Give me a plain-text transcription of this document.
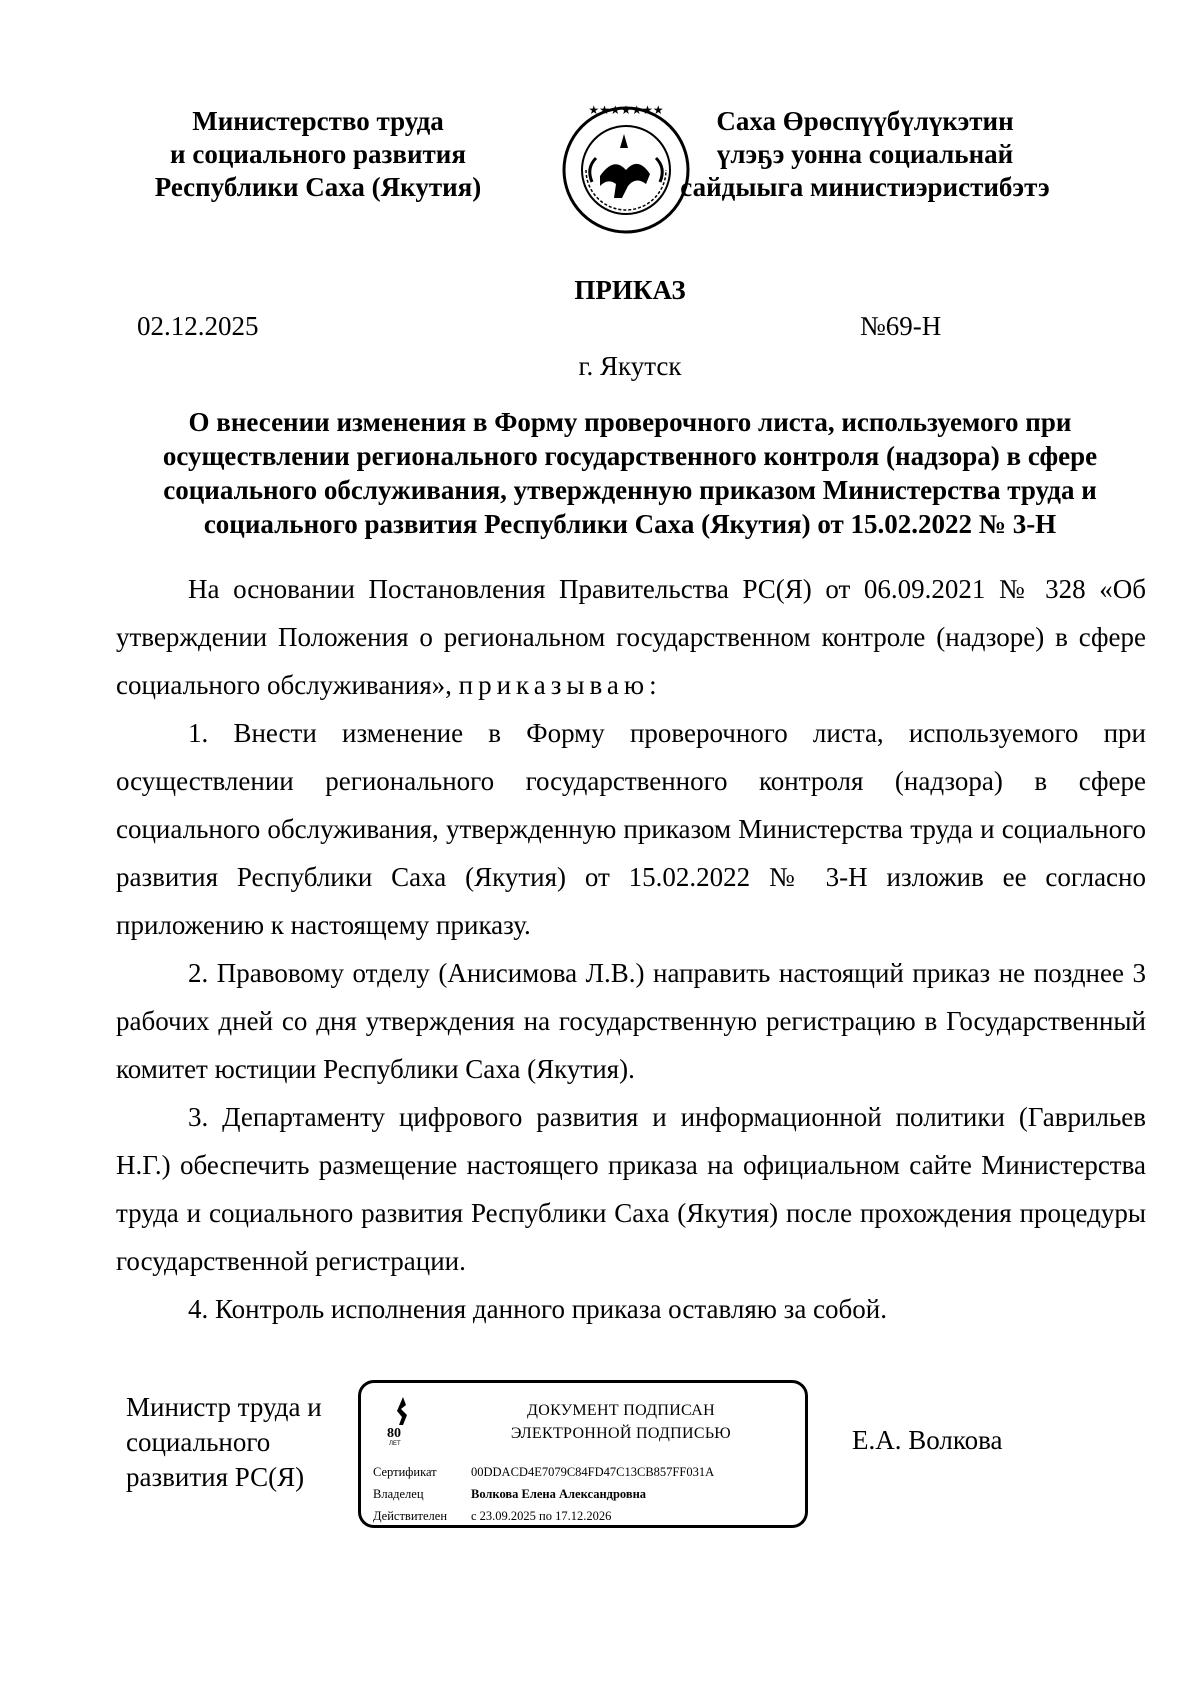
Министерство труда
и социального развития
Республики Саха (Якутия)
★★★★★★★	Саха Өрөспүүбүлүкэтин
үлэҕэ уонна социальнай
сайдыыга министиэристибэтэ
ПРИКАЗ
02.12.2025	№69-Н
г. Якутск
О внесении изменения в Форму проверочного листа, используемого при осуществлении регионального государственного контроля (надзора) в сфере социального обслуживания, утвержденную приказом Министерства труда и социального развития Республики Саха (Якутия) от 15.02.2022 № 3-Н

На основании Постановления Правительства РС(Я) от 06.09.2021 № 328 «Об утверждении Положения о региональном государственном контроле (надзоре) в сфере социального обслуживания», приказываю:

1. Внести изменение в Форму проверочного листа, используемого при осуществлении регионального государственного контроля (надзора) в сфере социального обслуживания, утвержденную приказом Министерства труда и социального развития Республики Саха (Якутия) от 15.02.2022 № 3-Н изложив ее согласно приложению к настоящему приказу.

2. Правовому отделу (Анисимова Л.В.) направить настоящий приказ не позднее 3 рабочих дней со дня утверждения на государственную регистрацию в Государственный комитет юстиции Республики Саха (Якутия).

3. Департаменту цифрового развития и информационной политики (Гаврильев Н.Г.) обеспечить размещение настоящего приказа на официальном сайте Министерства труда и социального развития Республики Саха (Якутия) после прохождения процедуры государственной регистрации.

4. Контроль исполнения данного приказа оставляю за собой.

Министр труда и
социального
развития РС(Я)
80
ЛЕТ
ДОКУМЕНТ ПОДПИСАН
ЭЛЕКТРОННОЙ ПОДПИСЬЮ
Сертификат	00DDACD4E7079C84FD47C13CB857FF031A
Владелец	Волкова Елена Александровна
Действителен с 23.09.2025 по 17.12.2026
Е.А. Волкова
